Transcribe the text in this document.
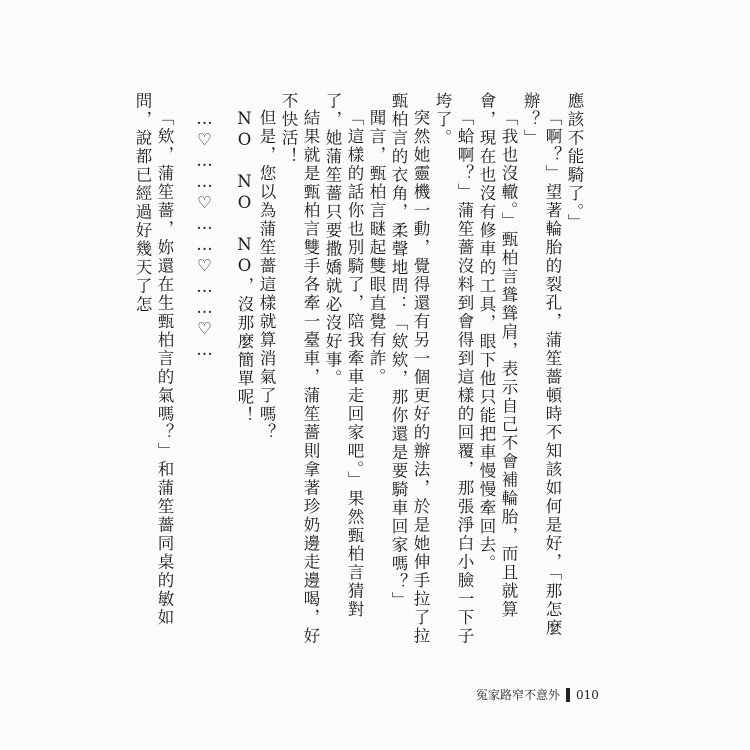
應該不能騎了。」

「啊？」望著輪胎的裂孔，蒲笙薔頓時不知該如何是好，「那怎麼辦？」

「我也沒轍。」甄柏言聳聳肩，表示自己不會補輪胎，而且就算會，現在也沒有修車的工具，眼下他只能把車慢慢牽回去。

「蛤啊？」蒲笙薔沒料到會得到這樣的回覆，那張淨白小臉一下子垮了。

突然她靈機一動，覺得還有另一個更好的辦法，於是她伸手拉了拉甄柏言的衣角，柔聲地問：「欸欸，那你還是要騎車回家嗎？」

聞言，甄柏言瞇起雙眼直覺有詐。

「這樣的話你也別騎了，陪我牽車走回家吧。」果然甄柏言猜對了，她蒲笙薔只要撒嬌就必沒好事。

結果就是甄柏言雙手各牽一臺車，蒲笙薔則拿著珍奶邊走邊喝，好不快活！

但是，您以為蒲笙薔這樣就算消氣了嗎？

NO NO NO，沒那麼簡單呢！

…♡……♡……♡……♡…

「欸，蒲笙薔，妳還在生甄柏言的氣嗎？」和蒲笙薔同桌的敏如問，說都已經過好幾天了怎

冤家路窄不意外 010
